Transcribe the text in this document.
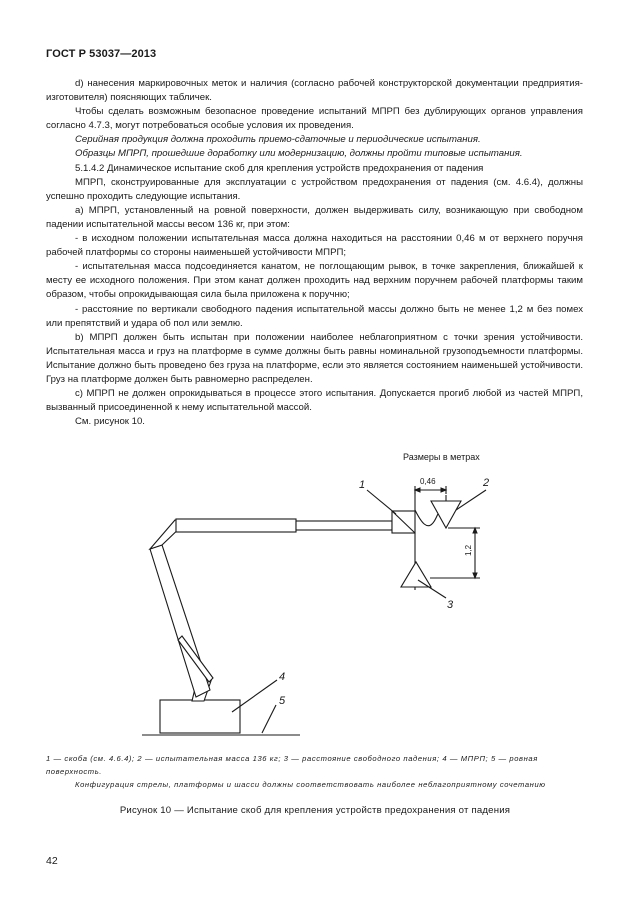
ГОСТ Р 53037—2013

d) нанесения маркировочных меток и наличия (согласно рабочей конструкторской документации предприятия-изготовителя) поясняющих табличек.

Чтобы сделать возможным безопасное проведение испытаний МПРП без дублирующих органов управления согласно 4.7.3, могут потребоваться особые условия их проведения.

Серийная продукция должна проходить приемо-сдаточные и периодические испытания.

Образцы МПРП, прошедшие доработку или модернизацию, должны пройти типовые испытания.

5.1.4.2 Динамическое испытание скоб для крепления устройств предохранения от падения

МПРП, сконструированные для эксплуатации с устройством предохранения от падения (см. 4.6.4), должны успешно проходить следующие испытания.

а) МПРП, установленный на ровной поверхности, должен выдерживать силу, возникающую при свободном падении испытательной массы весом 136 кг, при этом:

- в исходном положении испытательная масса должна находиться на расстоянии 0,46 м от верхнего поручня рабочей платформы со стороны наименьшей устойчивости МПРП;

- испытательная масса подсоединяется канатом, не поглощающим рывок, в точке закрепления, ближайшей к месту ее исходного положения. При этом канат должен проходить над верхним поручнем рабочей платформы таким образом, чтобы опрокидывающая сила была приложена к поручню;

- расстояние по вертикали свободного падения испытательной массы должно быть не менее 1,2 м без помех или препятствий и удара об пол или землю.

b) МПРП должен быть испытан при положении наиболее неблагоприятном с точки зрения устойчивости. Испытательная масса и груз на платформе в сумме должны быть равны номинальной грузоподъемности платформы. Испытание должно быть проведено без груза на платформе, если это является состоянием наименьшей устойчивости. Груз на платформе должен быть равномерно распределен.

с) МПРП не должен опрокидываться в процессе этого испытания. Допускается прогиб любой из частей МПРП, вызванный присоединенной к нему испытательной массой.

См. рисунок 10.

Размеры в метрах
0,46
1,2
1	2
3
4
5
1 — скоба (см. 4.6.4); 2 — испытательная масса 136 кг; 3 — расстояние свободного падения; 4 — МПРП; 5 — ровная поверхность.
Конфигурация стрелы, платформы и шасси должны соответствовать наиболее неблагоприятному сочетанию
Рисунок 10 — Испытание скоб для крепления устройств предохранения от падения
42
